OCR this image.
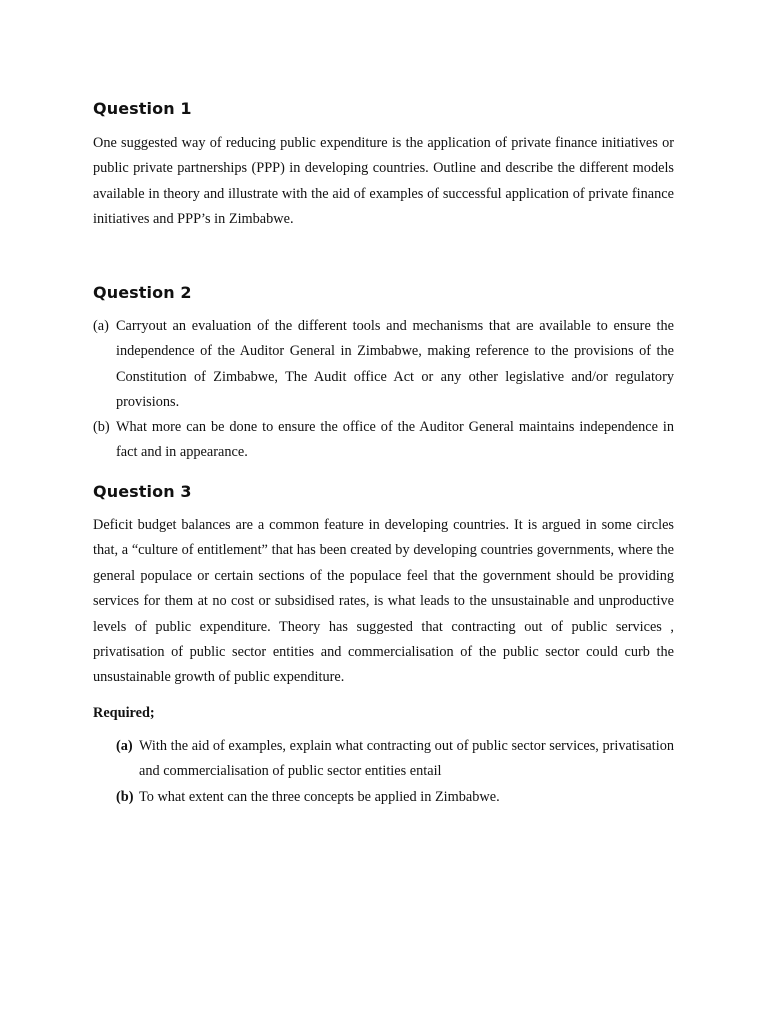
Question 1

One suggested way of reducing public expenditure is the application of private finance initiatives or public private partnerships (PPP) in developing countries. Outline and describe the different models available in theory and illustrate with the aid of examples of successful application of private finance initiatives and PPP’s in Zimbabwe.

Question 2
(a) Carryout an evaluation of the different tools and mechanisms that are available to ensure the independence of the Auditor General in Zimbabwe, making reference to the provisions of the Constitution of Zimbabwe, The Audit office Act or any other legislative and/or regulatory provisions.
(b) What more can be done to ensure the office of the Auditor General maintains independence in fact and in appearance.
Question 3

Deficit budget balances are a common feature in developing countries. It is argued in some circles that, a “culture of entitlement” that has been created by developing countries governments, where the general populace or certain sections of the populace feel that the government should be providing services for them at no cost or subsidised rates, is what leads to the unsustainable and unproductive levels of public expenditure. Theory has suggested that contracting out of public services , privatisation of public sector entities and commercialisation of the public sector could curb the unsustainable growth of public expenditure.

Required;

(a) With the aid of examples, explain what contracting out of public sector services, privatisation and commercialisation of public sector entities entail
(b) To what extent can the three concepts be applied in Zimbabwe.
